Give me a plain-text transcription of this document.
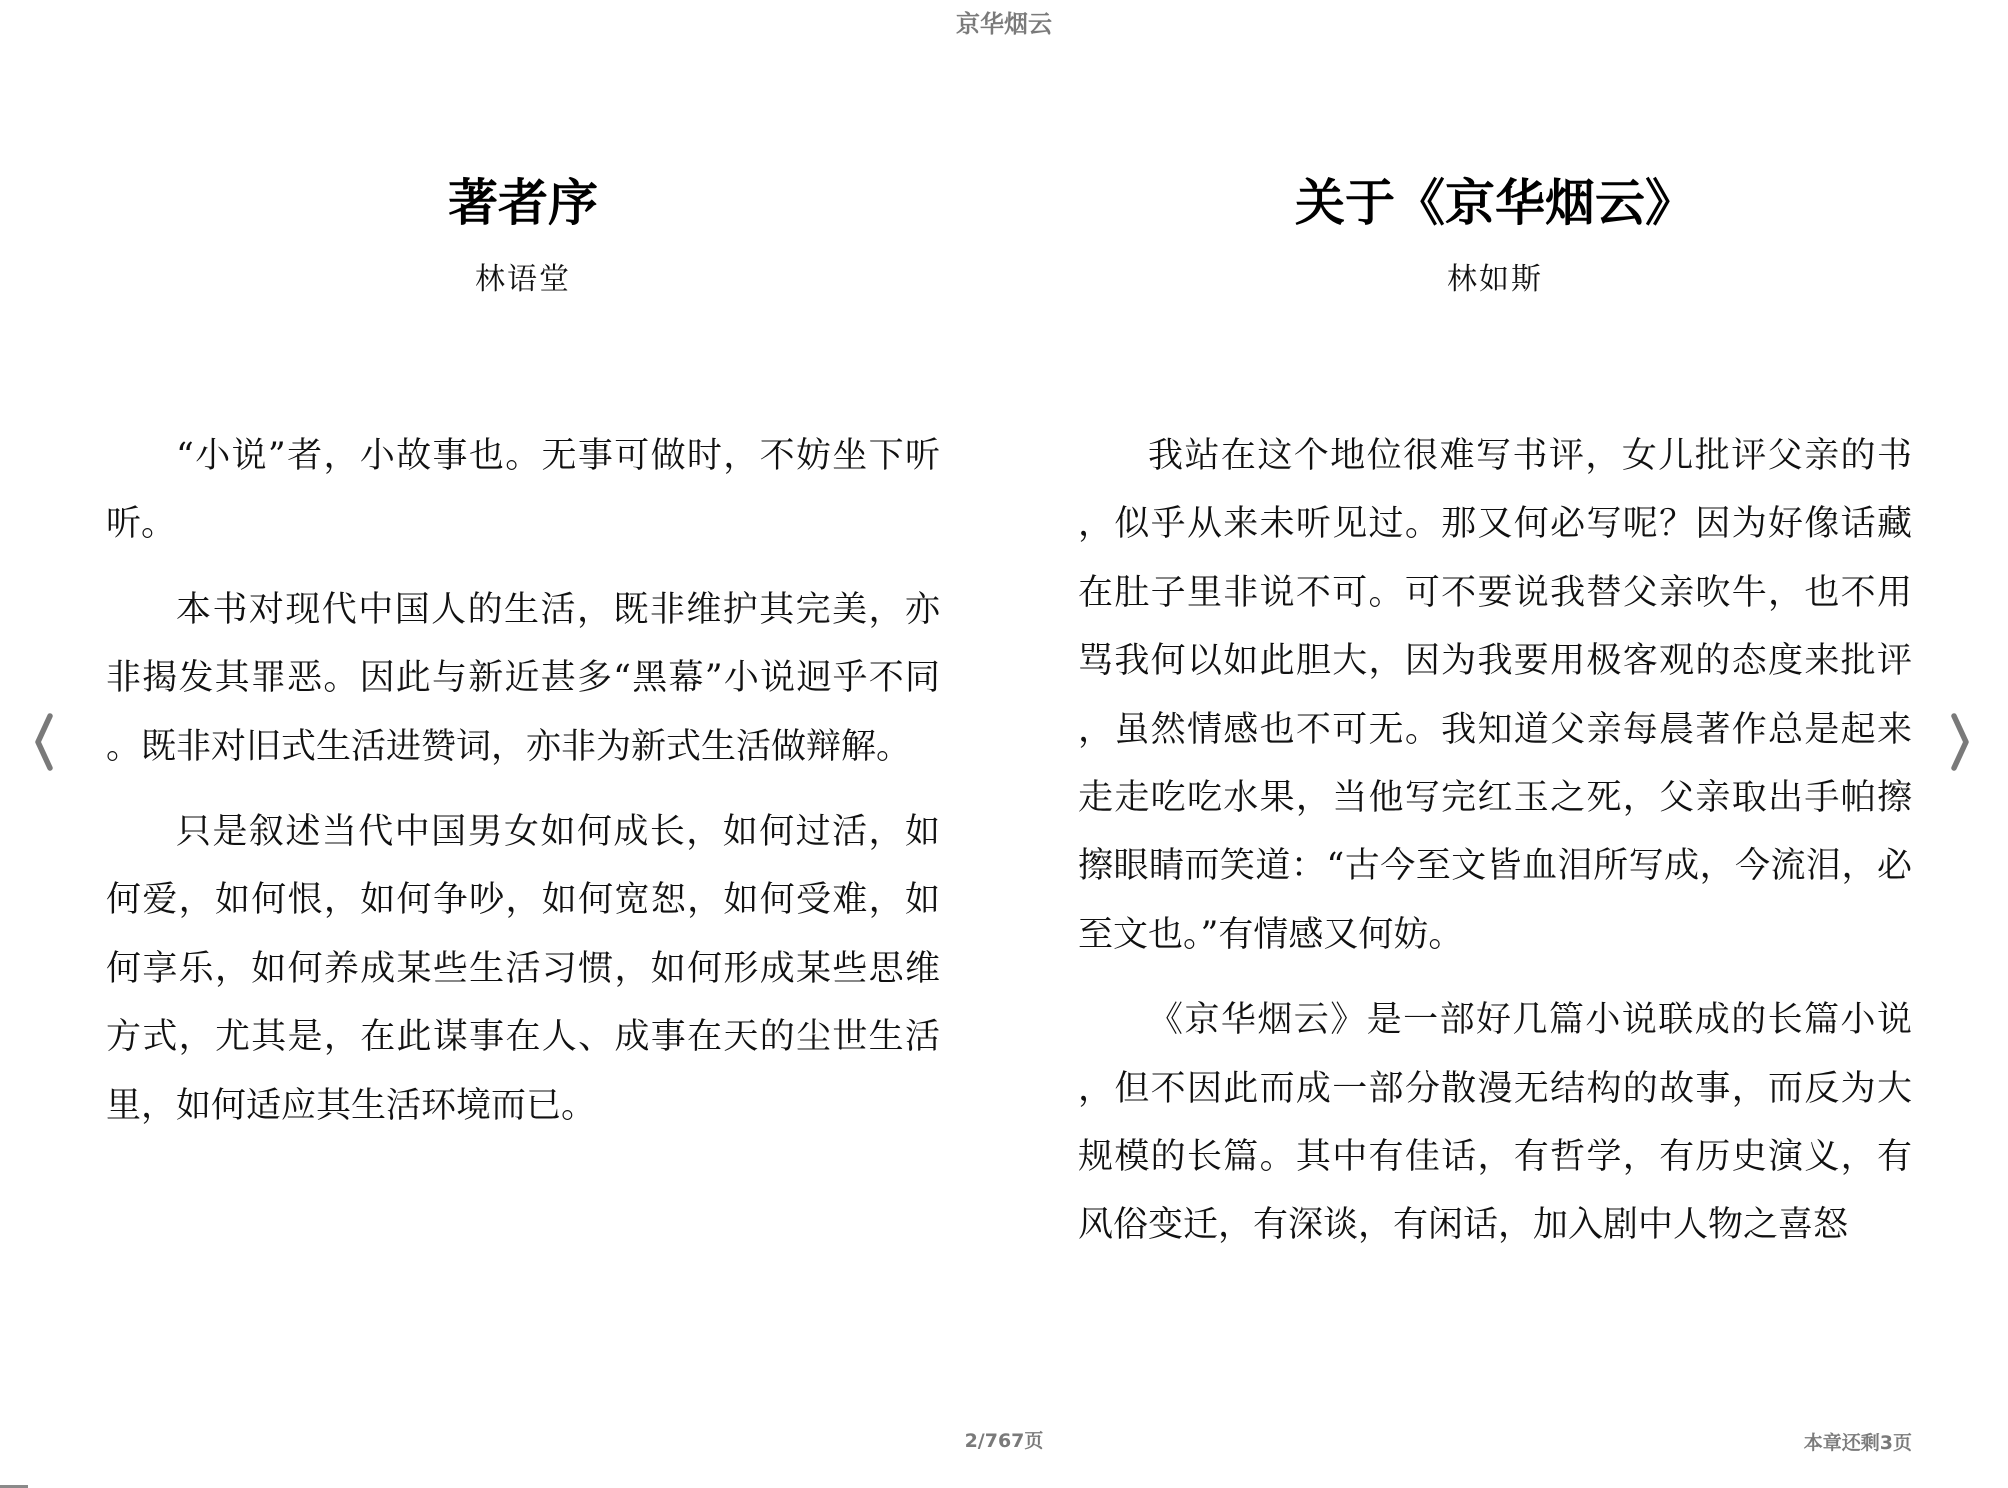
京华烟云
著者序
林语堂

“小说”者，小故事也。无事可做时，不妨坐下听听。

本书对现代中国人的生活，既非维护其完美，亦非揭发其罪恶。因此与新近甚多“黑幕”小说迥乎不同。既非对旧式生活进赞词，亦非为新式生活做辩解。

只是叙述当代中国男女如何成长，如何过活，如何爱，如何恨，如何争吵，如何宽恕，如何受难，如何享乐，如何养成某些生活习惯，如何形成某些思维方式，尤其是，在此谋事在人、成事在天的尘世生活里，如何适应其生活环境而已。

关于《京华烟云》
林如斯

我站在这个地位很难写书评，女儿批评父亲的书，似乎从来未听见过。那又何必写呢？因为好像话藏在肚子里非说不可。可不要说我替父亲吹牛，也不用骂我何以如此胆大，因为我要用极客观的态度来批评，虽然情感也不可无。我知道父亲每晨著作总是起来走走吃吃水果，当他写完红玉之死，父亲取出手帕擦擦眼睛而笑道：“古今至文皆血泪所写成，今流泪，必至文也。”有情感又何妨。

《京华烟云》是一部好几篇小说联成的长篇小说，但不因此而成一部分散漫无结构的故事，而反为大规模的长篇。其中有佳话，有哲学，有历史演义，有风俗变迁，有深谈，有闲话，加入剧中人物之喜怒

2/767页	本章还剩3页
